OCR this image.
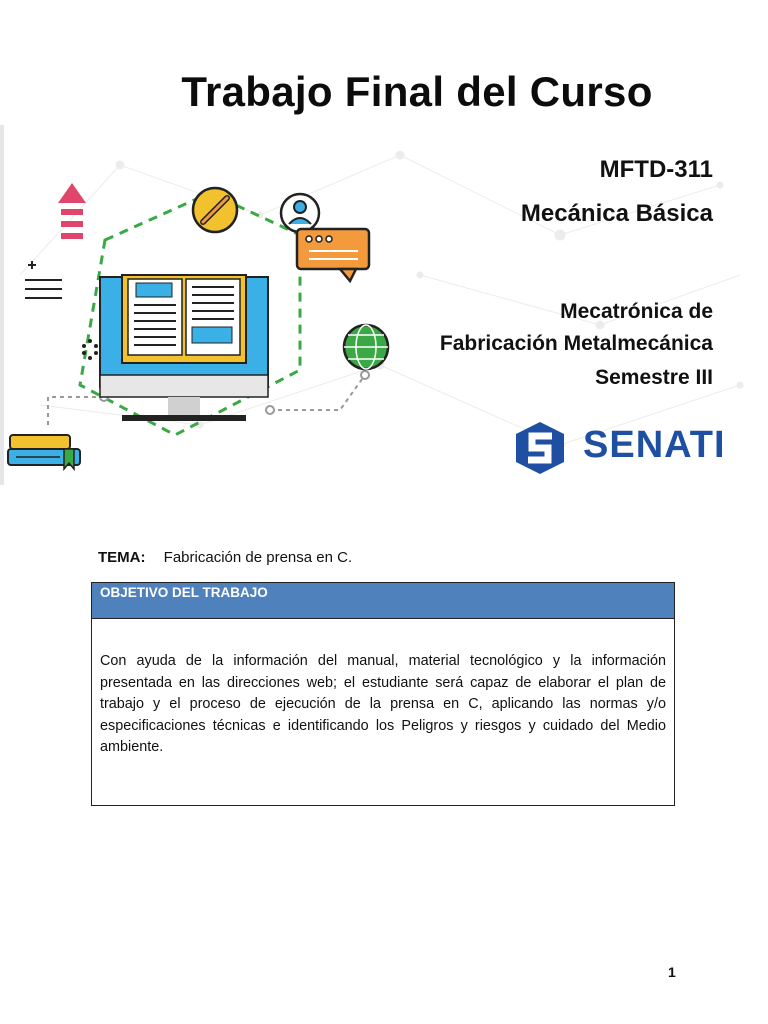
Trabajo Final del Curso
MFTD-311
Mecánica Básica
Mecatrónica de
Fabricación Metalmecánica
Semestre III
SENATI
TEMA: Fabricación de prensa en C.
OBJETIVO DEL TRABAJO
Con ayuda de la información del manual, material tecnológico y la información presentada en las direcciones web; el estudiante será capaz de elaborar el plan de trabajo y el proceso de ejecución de la prensa en C, aplicando las normas y/o especificaciones técnicas e identificando los Peligros y riesgos y cuidado del Medio ambiente.
1
